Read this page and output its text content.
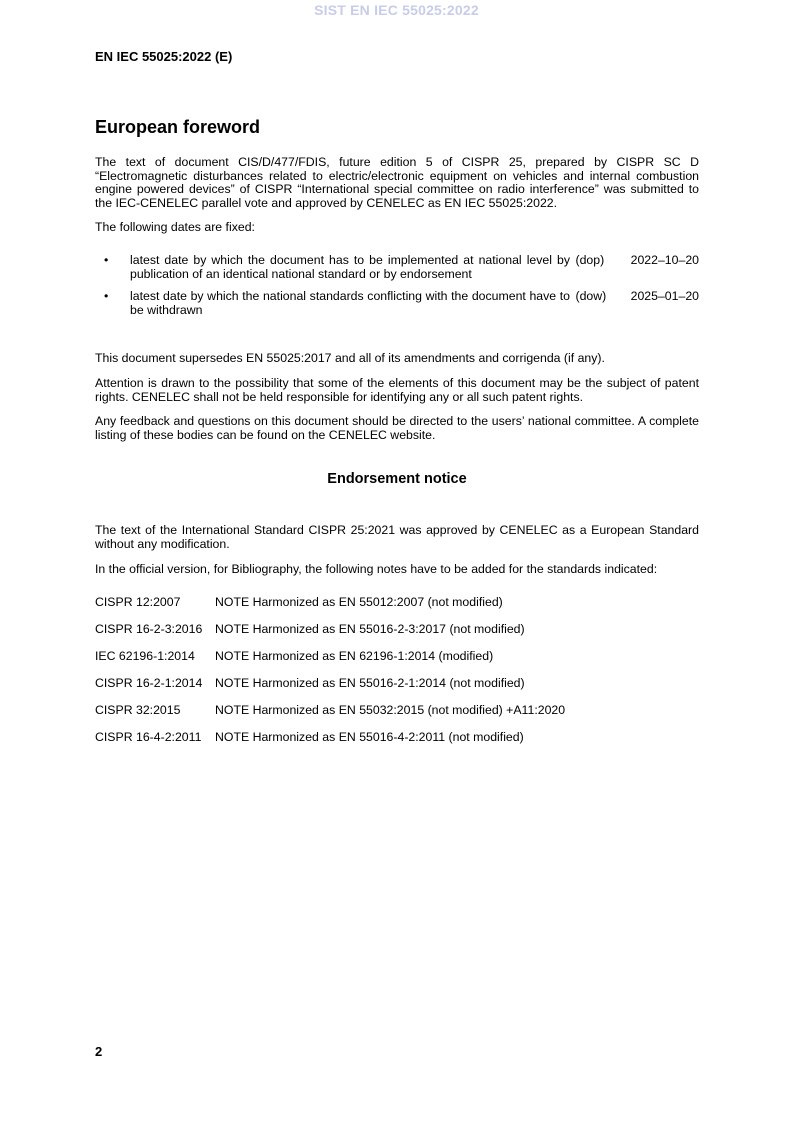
SIST EN IEC 55025:2022
EN IEC 55025:2022 (E)
European foreword

The text of document CIS/D/477/FDIS, future edition 5 of CISPR 25, prepared by CISPR SC D “Electromagnetic disturbances related to electric/electronic equipment on vehicles and internal combustion engine powered devices” of CISPR “International special committee on radio interference” was submitted to the IEC-CENELEC parallel vote and approved by CENELEC as EN IEC 55025:2022.

The following dates are fixed:

• latest date by which the document has to be implemented at national level by publication of an identical national standard or by endorsement
(dop)	2022–10–20
• latest date by which the national standards conflicting with the document have to be withdrawn
(dow)	2025–01–20

This document supersedes EN 55025:2017 and all of its amendments and corrigenda (if any).

Attention is drawn to the possibility that some of the elements of this document may be the subject of patent rights. CENELEC shall not be held responsible for identifying any or all such patent rights.

Any feedback and questions on this document should be directed to the users’ national committee. A complete listing of these bodies can be found on the CENELEC website.

Endorsement notice

The text of the International Standard CISPR 25:2021 was approved by CENELEC as a European Standard without any modification.

In the official version, for Bibliography, the following notes have to be added for the standards indicated:

CISPR 12:2007	NOTE Harmonized as EN 55012:2007 (not modified)
CISPR 16-2-3:2016	NOTE Harmonized as EN 55016-2-3:2017 (not modified)
IEC 62196-1:2014	NOTE Harmonized as EN 62196-1:2014 (modified)
CISPR 16-2-1:2014	NOTE Harmonized as EN 55016-2-1:2014 (not modified)
CISPR 32:2015	NOTE Harmonized as EN 55032:2015 (not modified) +A11:2020
CISPR 16-4-2:2011	NOTE Harmonized as EN 55016-4-2:2011 (not modified)
2
